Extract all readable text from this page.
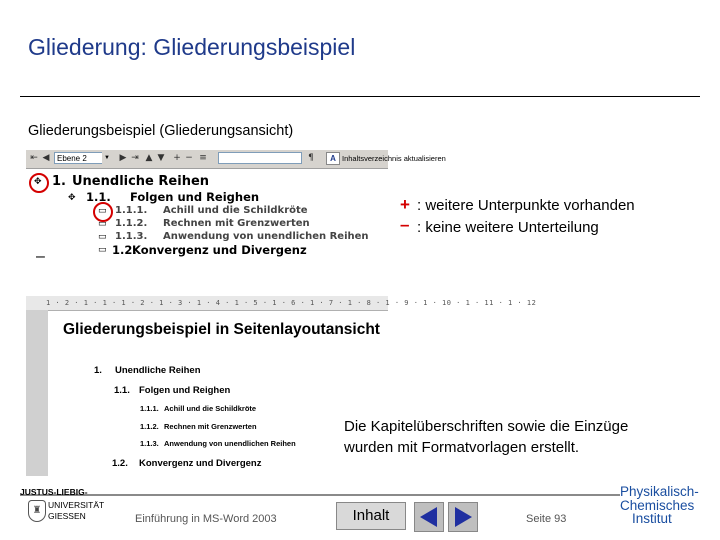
Gliederung: Gliederungsbeispiel
Gliederungsbeispiel (Gliederungsansicht)
⇤ ◀ Ebene 2	▼ ▶ ⇥ ▲ ▼ + − ≡	¶	A Inhaltsverzeichnis aktualisieren
✥ 1. Unendliche Reihen
✥ 1.1. Folgen und Reighen
▭ 1.1.1. Achill und die Schildkröte
▭ 1.1.2. Rechnen mit Grenzwerten
▭ 1.1.3. Anwendung von unendlichen Reihen
▭ 1.2.
Konvergenz und Divergenz
–
+ : weitere Unterpunkte vorhanden
– : keine weitere Unterteilung
1 · 2 · 1 · 1 · 1 · 2 · 1 · 3 · 1 · 4 · 1 · 5 · 1 · 6 · 1 · 7 · 1 · 8 · 1 · 9 · 1 · 10 · 1 · 11 · 1 · 12
1. Unendliche Reihen
1.1. Folgen und Reighen
1.1.1. Achill und die Schildkröte
1.1.2. Rechnen mit Grenzwerten
1.1.3. Anwendung von unendlichen Reihen
1.2. Konvergenz und Divergenz
Gliederungsbeispiel in Seitenlayoutansicht
Die Kapitelüberschriften sowie die Einzüge
wurden mit Formatvorlagen erstellt.
JUSTUS-LIEBIG-
♜ UNIVERSITÄT
GIESSEN	Einführung in MS-Word 2003	Inhalt	Seite 93
Physikalisch-
Chemisches
Institut
